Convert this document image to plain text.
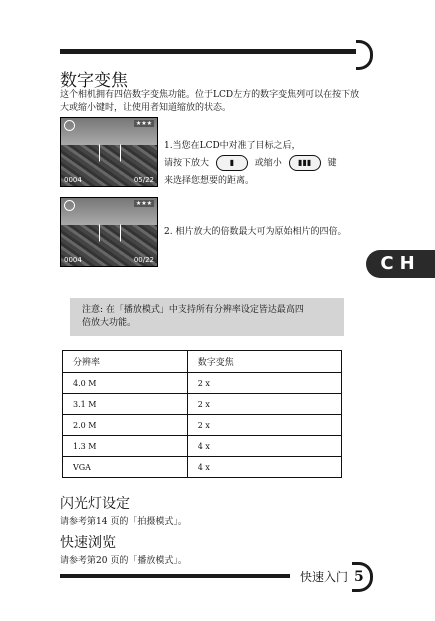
数字变焦
这个相机拥有四倍数字变焦功能。位于LCD左方的数字变焦列可以在按下放大或缩小键时，让使用者知道缩放的状态。
★★★
0004	05/22
1.当您在LCD中对准了目标之后，
请按下放大	▮ 或缩小 ▮▮▮ 键
来选择您想要的距离。
★★★
0004	00/22
2. 相片放大的倍数最大可为原始相片的四倍。
CH
注意: 在「播放模式」中支持所有分辨率设定皆达最高四
倍放大功能。
分辨率	数字变焦
4.0 M	2 x
3.1 M	2 x
2.0 M	2 x
1.3 M	4 x
VGA	4 x
闪光灯设定
请参考第14 页的「拍摄模式」。
快速浏览
请参考第20 页的「播放模式」。
快速入门 5
